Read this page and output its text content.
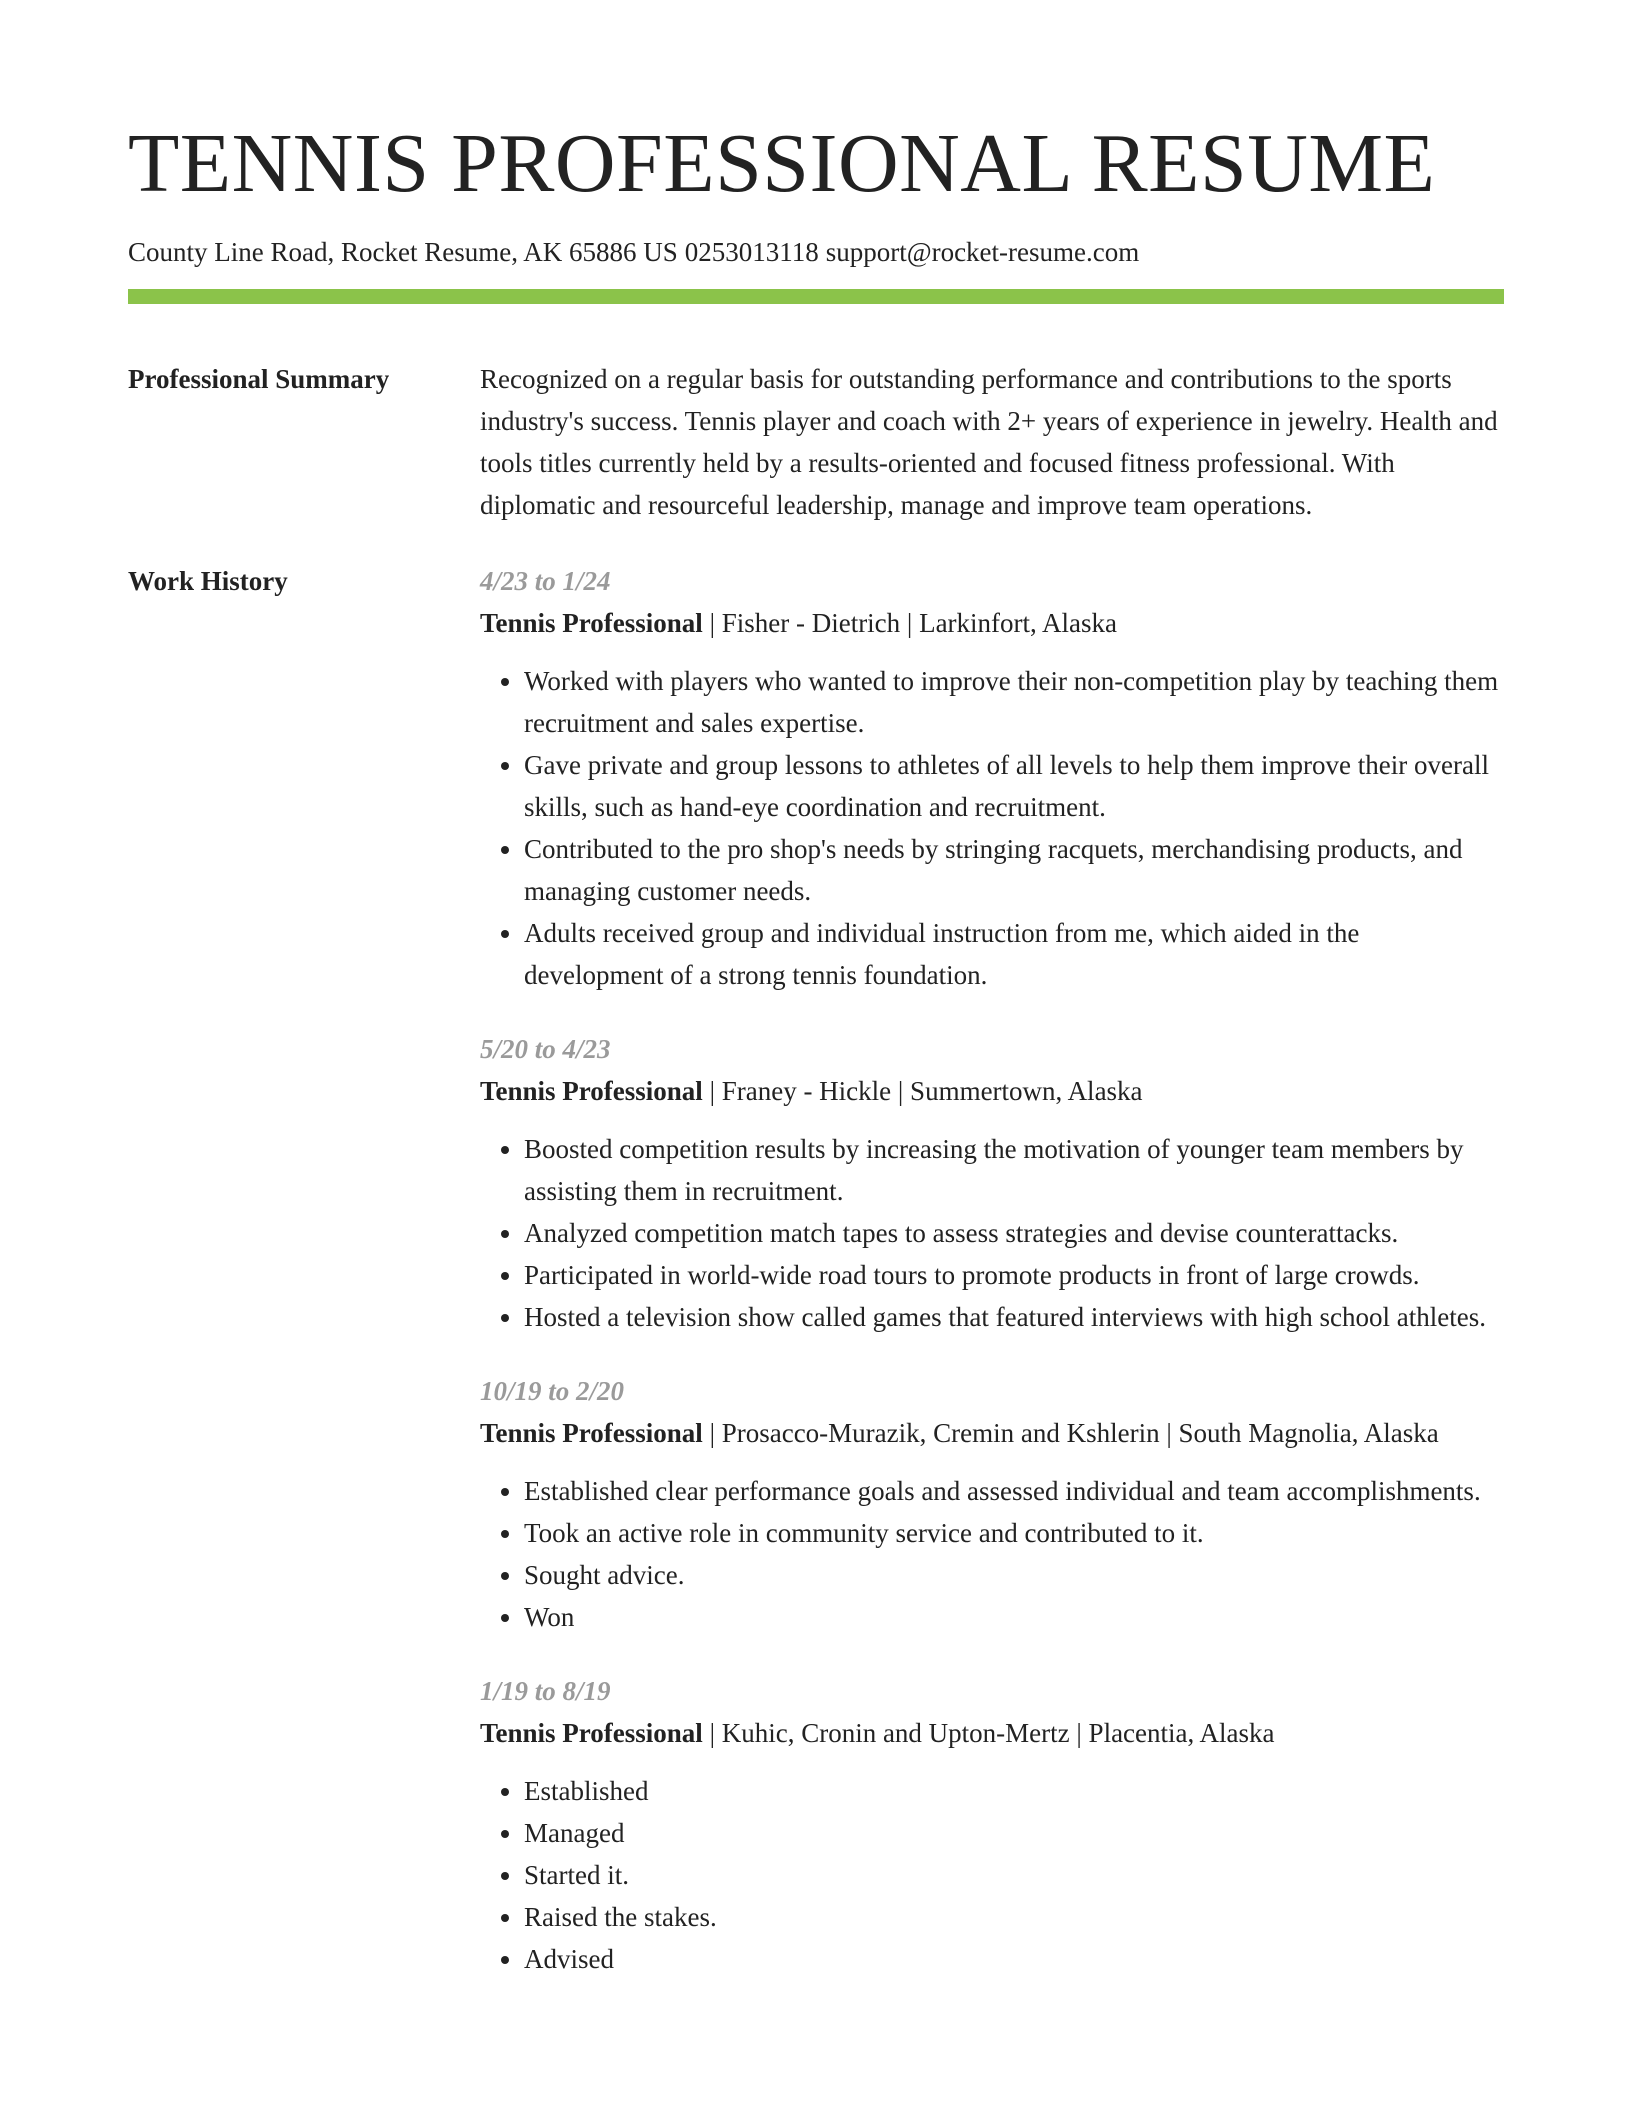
TENNIS PROFESSIONAL RESUME
County Line Road, Rocket Resume, AK 65886 US 0253013118 support@rocket-resume.com
Professional Summary	Recognized on a regular basis for outstanding performance and contributions to the sports industry's success. Tennis player and coach with 2+ years of experience in jewelry. Health and tools titles currently held by a results-oriented and focused fitness professional. With diplomatic and resourceful leadership, manage and improve team operations.

Work History	4/23 to 1/24
Tennis Professional | Fisher - Dietrich | Larkinfort, Alaska
• Worked with players who wanted to improve their non-competition play by teaching them recruitment and sales expertise.
• Gave private and group lessons to athletes of all levels to help them improve their overall skills, such as hand-eye coordination and recruitment.
• Contributed to the pro shop's needs by stringing racquets, merchandising products, and managing customer needs.
• Adults received group and individual instruction from me, which aided in the development of a strong tennis foundation.
5/20 to 4/23
Tennis Professional | Franey - Hickle | Summertown, Alaska
• Boosted competition results by increasing the motivation of younger team members by assisting them in recruitment.
• Analyzed competition match tapes to assess strategies and devise counterattacks.
• Participated in world-wide road tours to promote products in front of large crowds.
• Hosted a television show called games that featured interviews with high school athletes.
10/19 to 2/20
Tennis Professional | Prosacco-Murazik, Cremin and Kshlerin | South Magnolia, Alaska
• Established clear performance goals and assessed individual and team accomplishments.
• Took an active role in community service and contributed to it.
• Sought advice.
• Won
1/19 to 8/19
Tennis Professional | Kuhic, Cronin and Upton-Mertz | Placentia, Alaska
• Established
• Managed
• Started it.
• Raised the stakes.
• Advised
